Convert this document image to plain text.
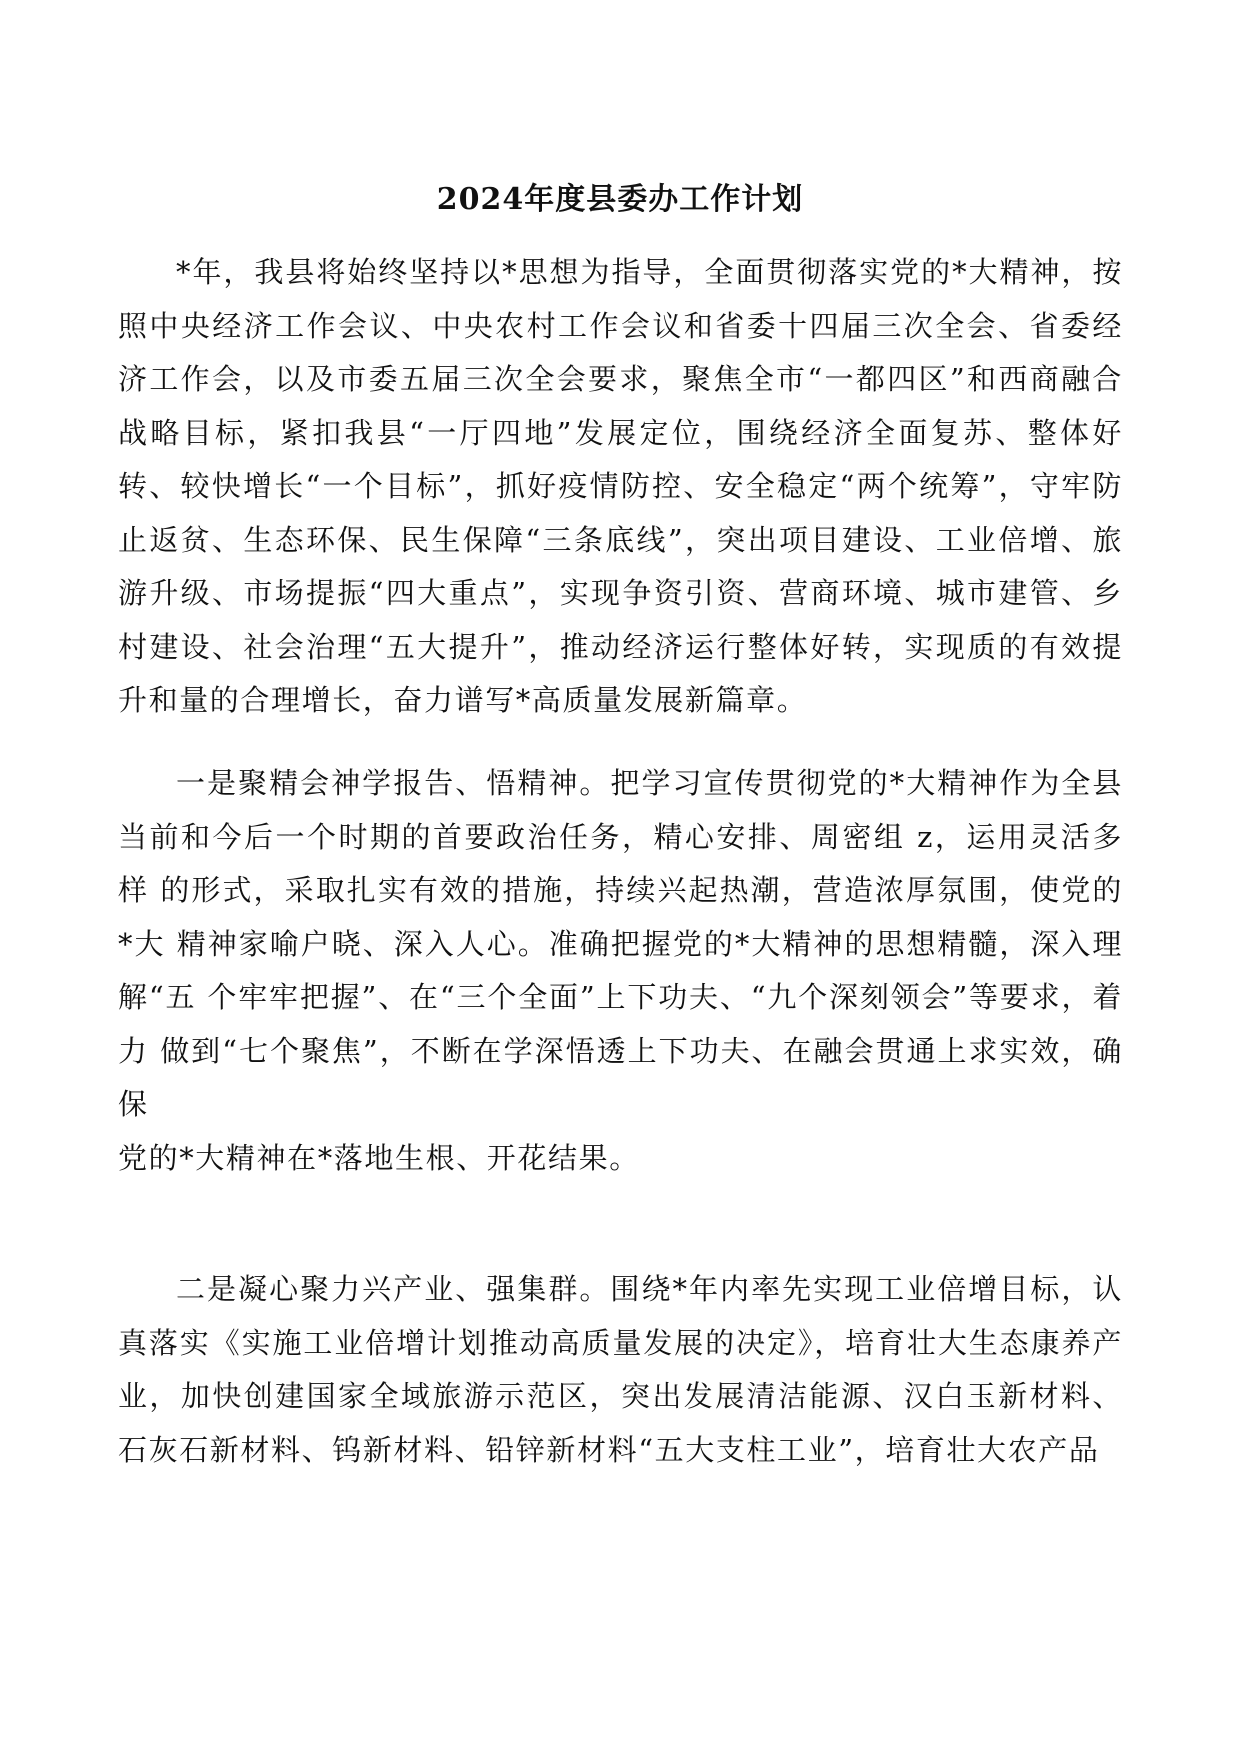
2024年度县委办工作计划

*年，我县将始终坚持以*思想为指导，全面贯彻落实党的*大精神，按照中央经济工作会议、中央农村工作会议和省委十四届三次全会、省委经济工作会，以及市委五届三次全会要求，聚焦全市“一都四区”和西商融合战略目标，紧扣我县“一厅四地”发展定位，围绕经济全面复苏、整体好转、较快增长“一个目标”，抓好疫情防控、安全稳定“两个统筹”，守牢防止返贫、生态环保、民生保障“三条底线”，突出项目建设、工业倍增、旅游升级、市场提振“四大重点”，实现争资引资、营商环境、城市建管、乡村建设、社会治理“五大提升”，推动经济运行整体好转，实现质的有效提升和量的合理增长，奋力谱写*高质量发展新篇章。

一是聚精会神学报告、悟精神。把学习宣传贯彻党的*大精神作为全县当前和今后一个时期的首要政治任务，精心安排、周密组 z，运用灵活多样 的形式，采取扎实有效的措施，持续兴起热潮，营造浓厚氛围，使党的*大 精神家喻户晓、深入人心。准确把握党的*大精神的思想精髓，深入理解“五 个牢牢把握”、在“三个全面”上下功夫、“九个深刻领会”等要求，着力 做到“七个聚焦”，不断在学深悟透上下功夫、在融会贯通上求实效，确保
党的*大精神在*落地生根、开花结果。

二是凝心聚力兴产业、强集群。围绕*年内率先实现工业倍增目标，认真落实《实施工业倍增计划推动高质量发展的决定》，培育壮大生态康养产业，加快创建国家全域旅游示范区，突出发展清洁能源、汉白玉新材料、石灰石新材料、钨新材料、铅锌新材料“五大支柱工业”，培育壮大农产品
